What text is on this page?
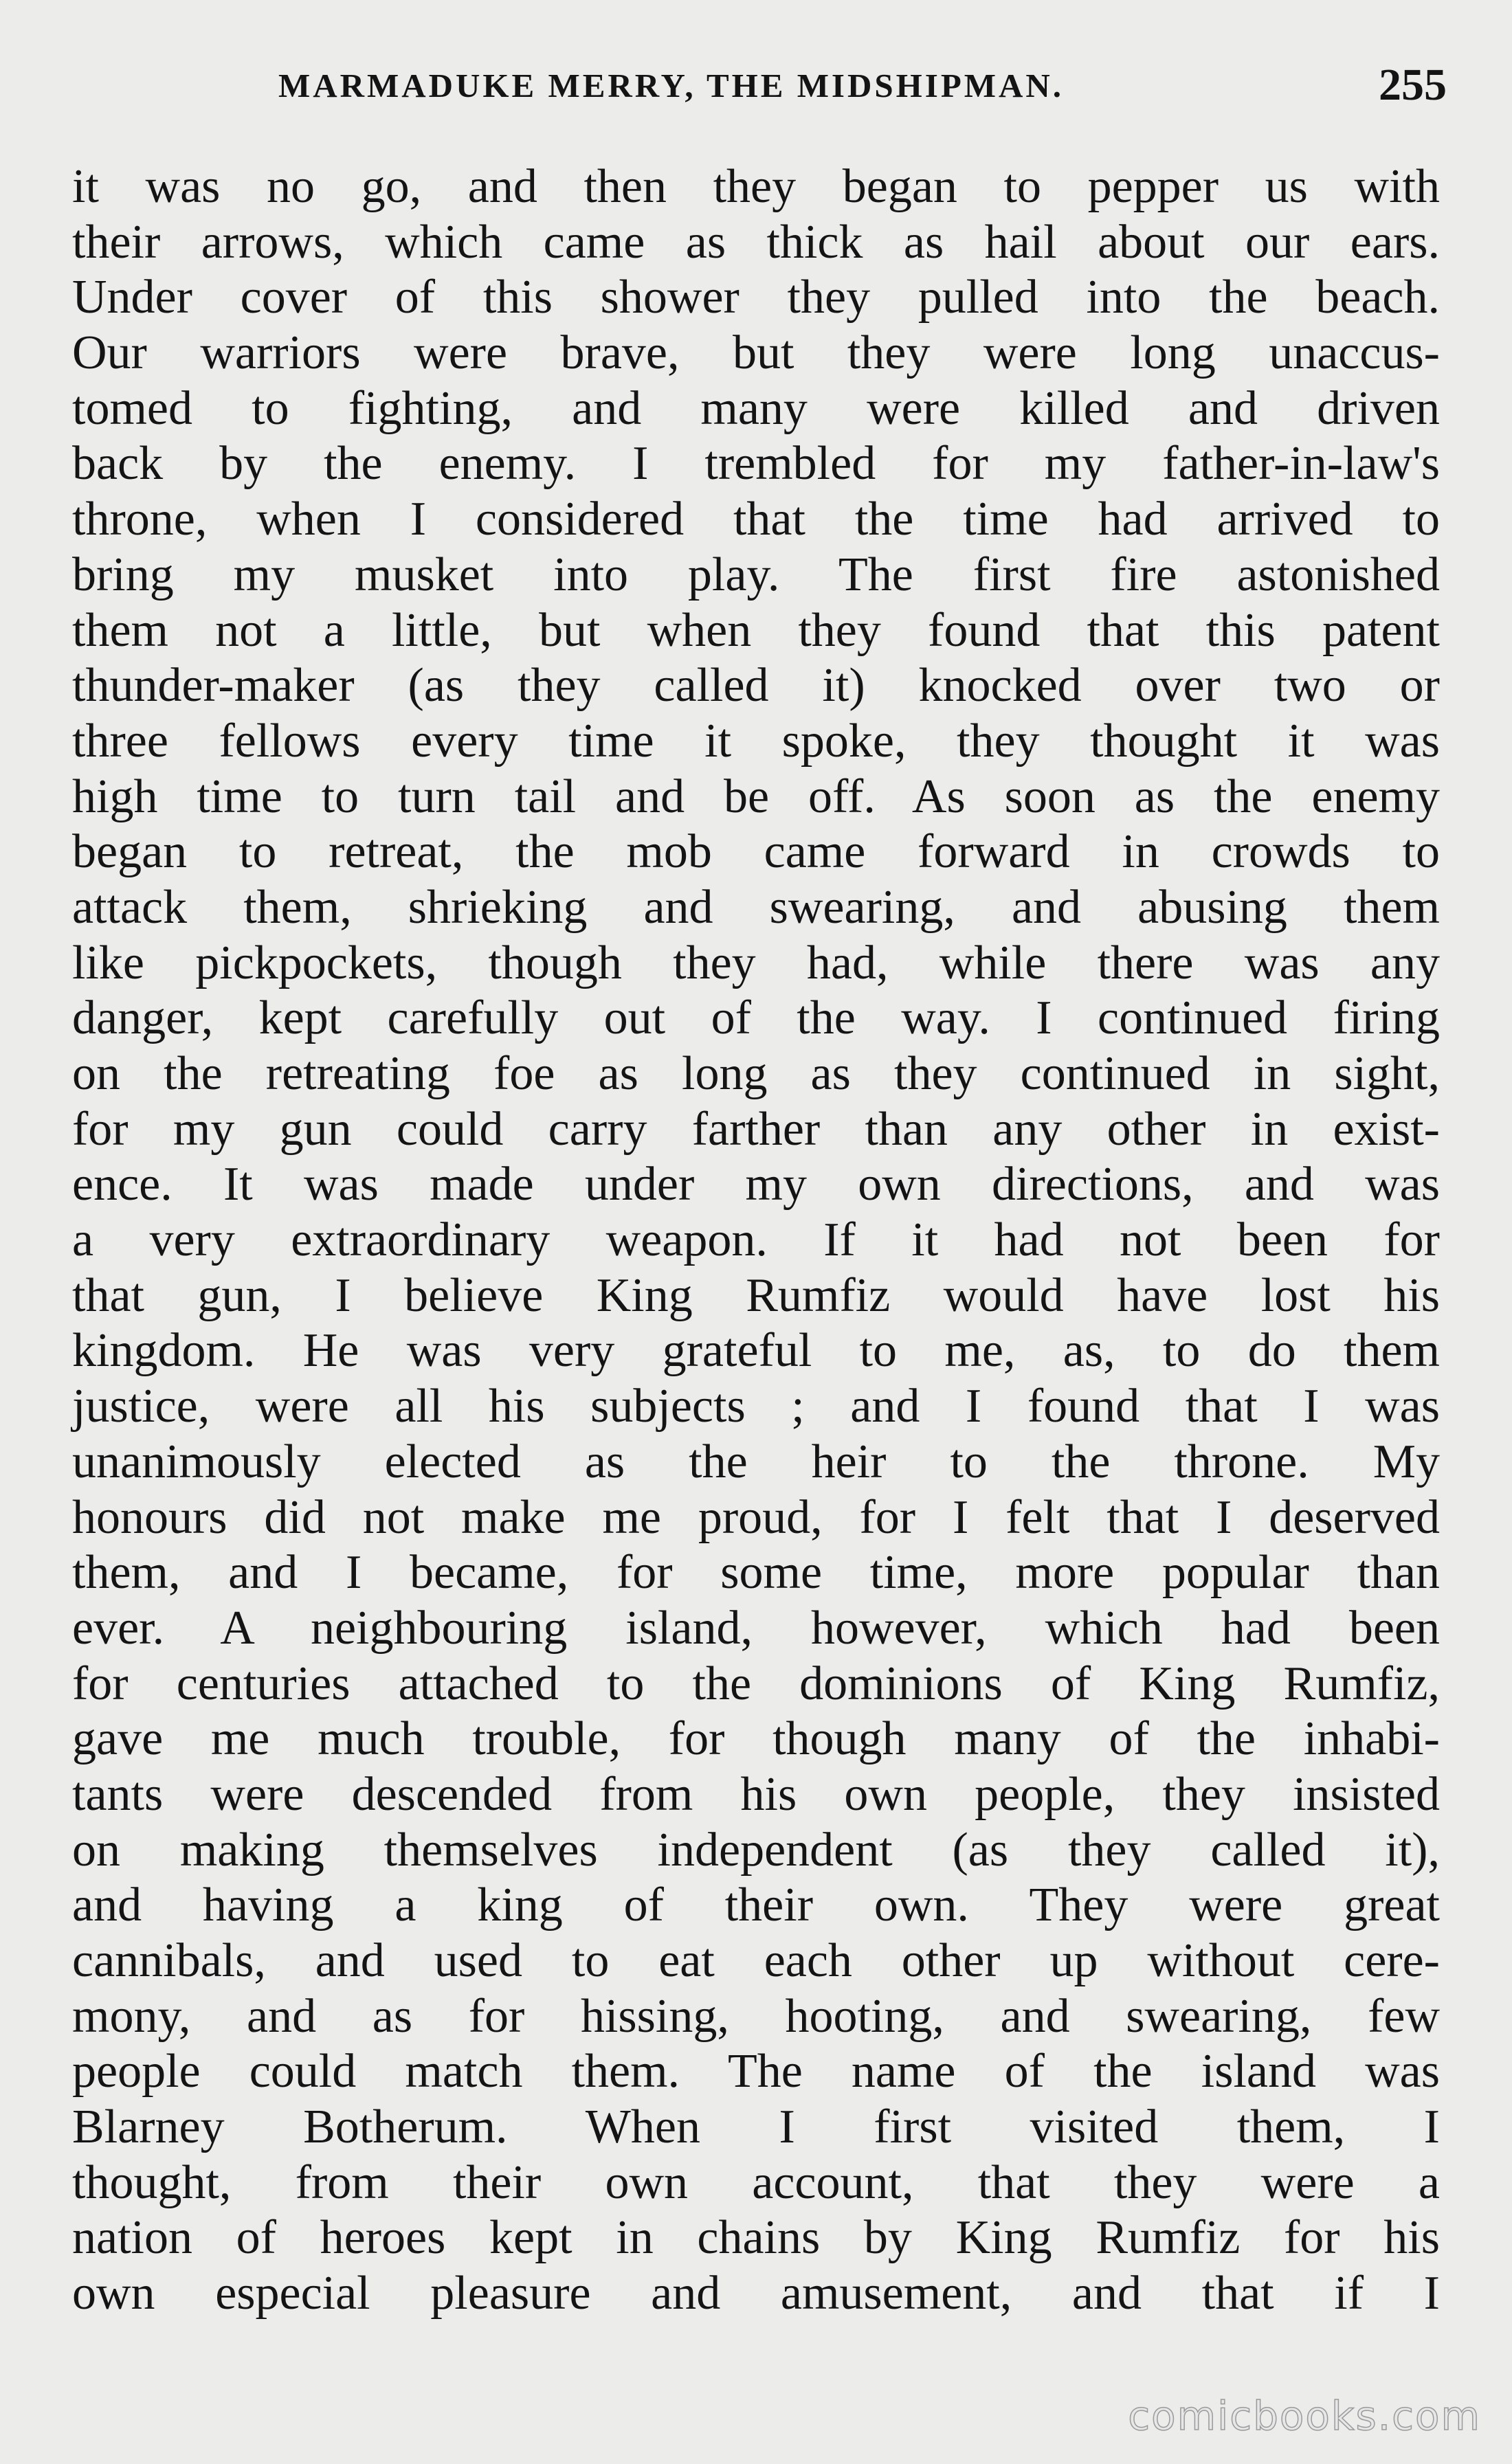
MARMADUKE MERRY, THE MIDSHIPMAN.	255
it was no go, and then they began to pepper us with
their arrows, which came as thick as hail about our ears.
Under cover of this shower they pulled into the beach.
Our warriors were brave, but they were long unaccus-
tomed to fighting, and many were killed and driven
back by the enemy. I trembled for my father-in-law's
throne, when I considered that the time had arrived to
bring my musket into play. The first fire astonished
them not a little, but when they found that this patent
thunder-maker (as they called it) knocked over two or
three fellows every time it spoke, they thought it was
high time to turn tail and be off. As soon as the enemy
began to retreat, the mob came forward in crowds to
attack them, shrieking and swearing, and abusing them
like pickpockets, though they had, while there was any
danger, kept carefully out of the way. I continued firing
on the retreating foe as long as they continued in sight,
for my gun could carry farther than any other in exist-
ence. It was made under my own directions, and was
a very extraordinary weapon. If it had not been for
that gun, I believe King Rumfiz would have lost his
kingdom. He was very grateful to me, as, to do them
justice, were all his subjects ; and I found that I was
unanimously elected as the heir to the throne. My
honours did not make me proud, for I felt that I deserved
them, and I became, for some time, more popular than
ever. A neighbouring island, however, which had been
for centuries attached to the dominions of King Rumfiz,
gave me much trouble, for though many of the inhabi-
tants were descended from his own people, they insisted
on making themselves independent (as they called it),
and having a king of their own. They were great
cannibals, and used to eat each other up without cere-
mony, and as for hissing, hooting, and swearing, few
people could match them. The name of the island was
Blarney Botherum. When I first visited them, I
thought, from their own account, that they were a
nation of heroes kept in chains by King Rumfiz for his
own especial pleasure and amusement, and that if I
comicbooks.com
